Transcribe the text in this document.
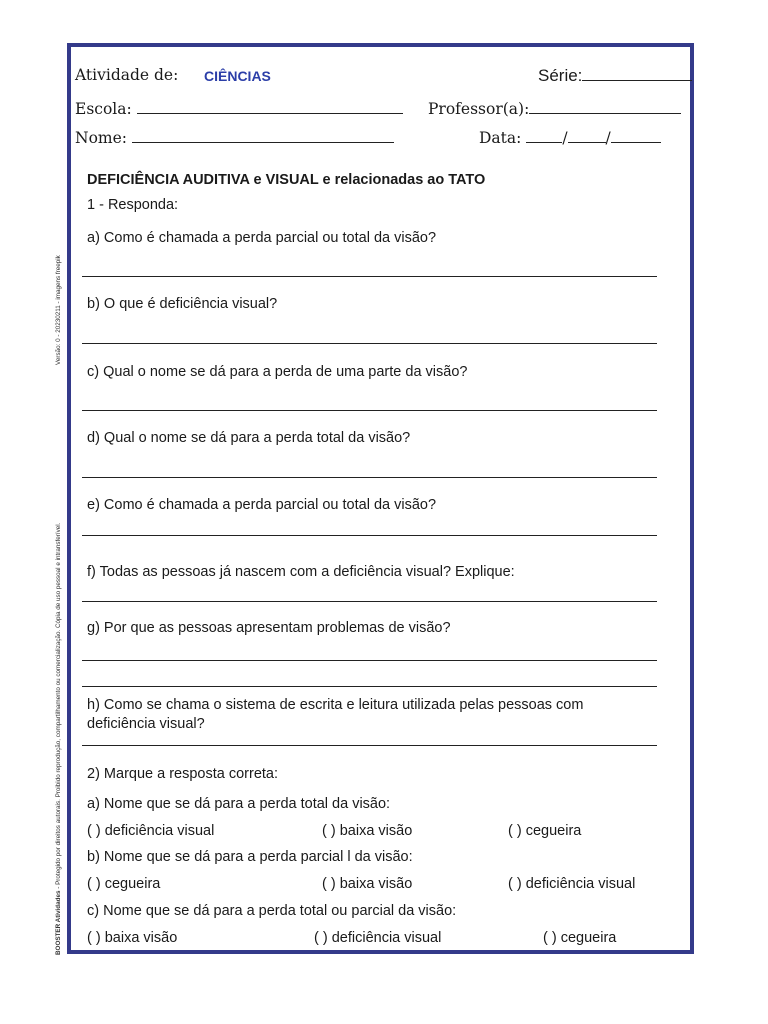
Versão: 0 - 20230211 - imagens freepik
BOOSTER Atividades - Protegido por direitos autorais. Proibido reprodução, compartilhamento ou comercialização. Cópia de uso pessoal e intransferível.
Atividade de: CIÊNCIAS	Série:
Escola:	Professor(a):
Nome:	Data:	/ /
DEFICIÊNCIA AUDITIVA e VISUAL e relacionadas ao TATO
1 - Responda:
a) Como é chamada a perda parcial ou total da visão?
b) O que é deficiência visual?
c) Qual o nome se dá para a perda de uma parte da visão?
d) Qual o nome se dá para a perda total da visão?
e) Como é chamada a perda parcial ou total da visão?
f) Todas as pessoas já nascem com a deficiência visual? Explique:
g) Por que as pessoas apresentam problemas de visão?
h) Como se chama o sistema de escrita e leitura utilizada pelas pessoas com
deficiência visual?
2) Marque a resposta correta:
a) Nome que se dá para a perda total da visão:
( ) deficiência visual	( ) baixa visão	( ) cegueira
b) Nome que se dá para a perda parcial l da visão:
( ) cegueira	( ) baixa visão	( ) deficiência visual
c) Nome que se dá para a perda total ou parcial da visão:
( ) baixa visão	( ) deficiência visual	( ) cegueira
